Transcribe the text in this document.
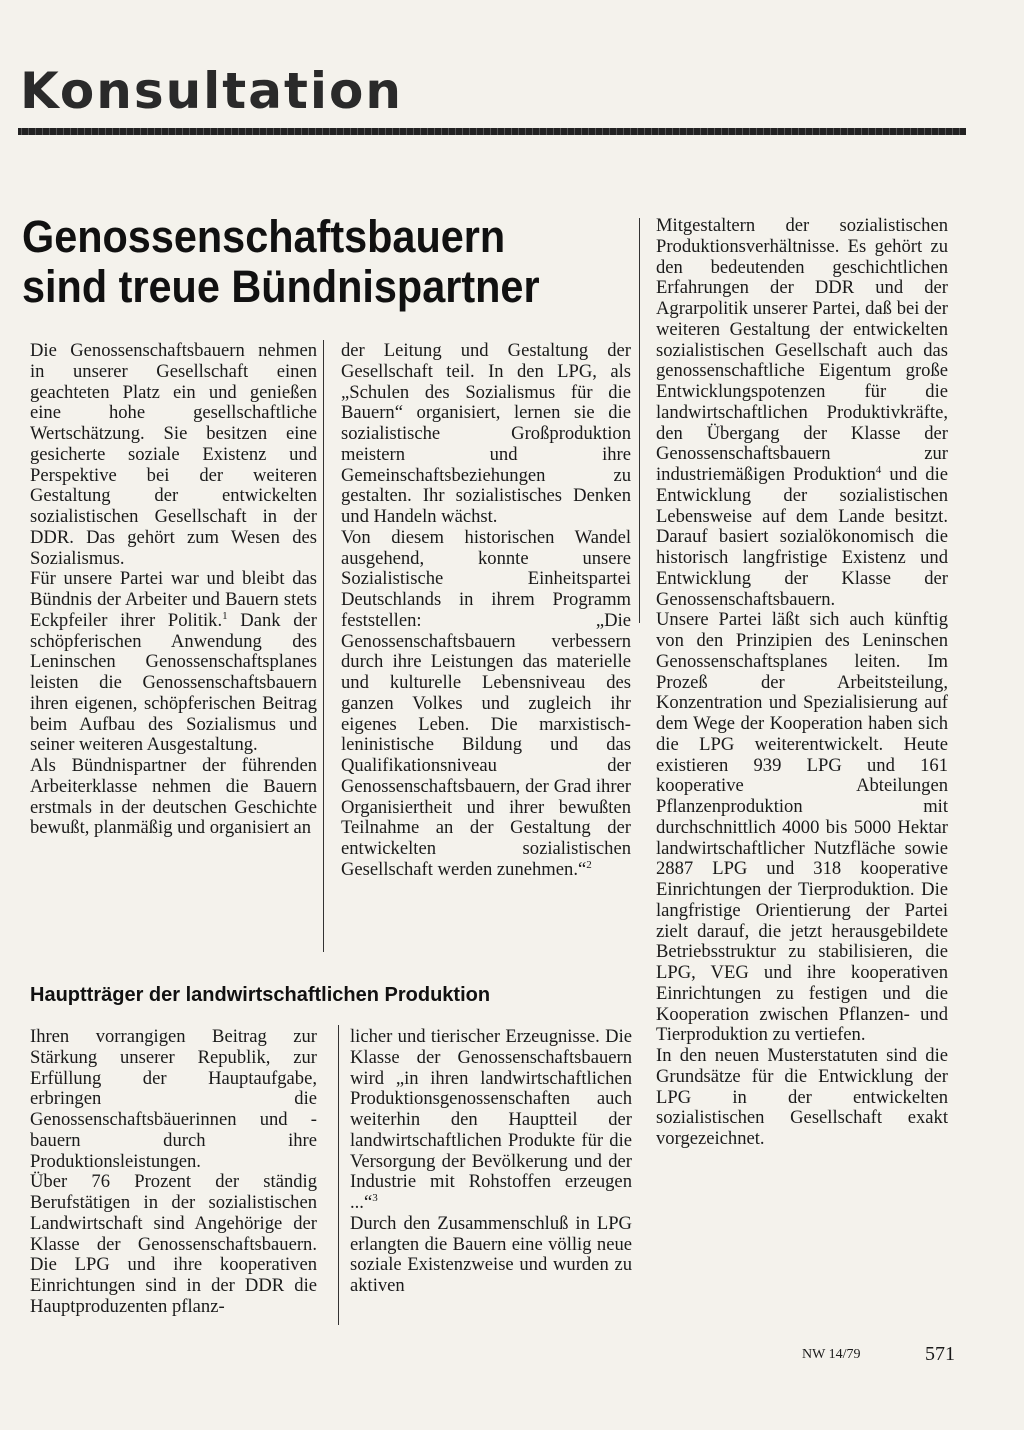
Konsultation
Genossenschaftsbauern
sind treue Bündnispartner

Die Genossenschaftsbauern nehmen in unserer Gesellschaft einen geachteten Platz ein und genießen eine hohe gesellschaftliche Wertschätzung. Sie besitzen eine gesicherte soziale Existenz und Perspektive bei der weiteren Gestaltung der entwickelten sozialistischen Gesellschaft in der DDR. Das gehört zum Wesen des Sozialismus.

Für unsere Partei war und bleibt das Bündnis der Arbeiter und Bauern stets Eckpfeiler ihrer Politik.$^1$ Dank der schöpferischen Anwendung des Leninschen Genossenschaftsplanes leisten die Genossenschaftsbauern ihren eigenen, schöpferischen Beitrag beim Aufbau des Sozialismus und seiner weiteren Ausgestaltung.

Als Bündnispartner der führenden Arbeiterklasse nehmen die Bauern erstmals in der deutschen Geschichte bewußt, planmäßig und organisiert an

der Leitung und Gestaltung der Gesellschaft teil. In den LPG, als „Schulen des Sozialismus für die Bauern“ organisiert, lernen sie die sozialistische Großproduktion meistern und ihre Gemeinschaftsbeziehungen zu gestalten. Ihr sozialistisches Denken und Handeln wächst.

Von diesem historischen Wandel ausgehend, konnte unsere Sozialistische Einheitspartei Deutschlands in ihrem Programm feststellen: „Die Genossenschaftsbauern verbessern durch ihre Leistungen das materielle und kulturelle Lebensniveau des ganzen Volkes und zugleich ihr eigenes Leben. Die marxistisch-leninistische Bildung und das Qualifikationsniveau der Genossenschaftsbauern, der Grad ihrer Organisiertheit und ihrer bewußten Teilnahme an der Gestaltung der entwickelten sozialistischen Gesellschaft werden zunehmen.“$^2$

Mitgestaltern der sozialistischen Produktionsverhältnisse. Es gehört zu den bedeutenden geschichtlichen Erfahrungen der DDR und der Agrarpolitik unserer Partei, daß bei der weiteren Gestaltung der entwickelten sozialistischen Gesellschaft auch das genossenschaftliche Eigentum große Entwicklungspotenzen für die landwirtschaftlichen Produktivkräfte, den Übergang der Klasse der Genossenschaftsbauern zur industriemäßigen Produktion$^4$ und die Entwicklung der sozialistischen Lebensweise auf dem Lande besitzt. Darauf basiert sozialökonomisch die historisch langfristige Existenz und Entwicklung der Klasse der Genossenschaftsbauern.

Unsere Partei läßt sich auch künftig von den Prinzipien des Leninschen Genossenschaftsplanes leiten. Im Prozeß der Arbeitsteilung, Konzentration und Spezialisierung auf dem Wege der Kooperation haben sich die LPG weiterentwickelt. Heute existieren 939 LPG und 161 kooperative Abteilungen Pflanzenproduktion mit durchschnittlich 4000 bis 5000 Hektar landwirtschaftlicher Nutzfläche sowie 2887 LPG und 318 kooperative Einrichtungen der Tierproduktion. Die langfristige Orientierung der Partei zielt darauf, die jetzt herausgebildete Betriebsstruktur zu stabilisieren, die LPG, VEG und ihre kooperativen Einrichtungen zu festigen und die Kooperation zwischen Pflanzen- und Tierproduktion zu vertiefen.

In den neuen Musterstatuten sind die Grundsätze für die Entwicklung der LPG in der entwickelten sozialistischen Gesellschaft exakt vorgezeichnet.

Hauptträger der landwirtschaftlichen Produktion

Ihren vorrangigen Beitrag zur Stärkung unserer Republik, zur Erfüllung der Hauptaufgabe, erbringen die Genossenschaftsbäuerinnen und -bauern durch ihre Produktionsleistungen.

Über 76 Prozent der ständig Berufstätigen in der sozialistischen Landwirtschaft sind Angehörige der Klasse der Genossenschaftsbauern. Die LPG und ihre kooperativen Einrichtungen sind in der DDR die Hauptproduzenten pflanz-

licher und tierischer Erzeugnisse. Die Klasse der Genossenschaftsbauern wird „in ihren landwirtschaftlichen Produktionsgenossenschaften auch weiterhin den Hauptteil der landwirtschaftlichen Produkte für die Versorgung der Bevölkerung und der Industrie mit Rohstoffen erzeugen ...“$^3$

Durch den Zusammenschluß in LPG erlangten die Bauern eine völlig neue soziale Existenzweise und wurden zu aktiven

NW 14/79	571
